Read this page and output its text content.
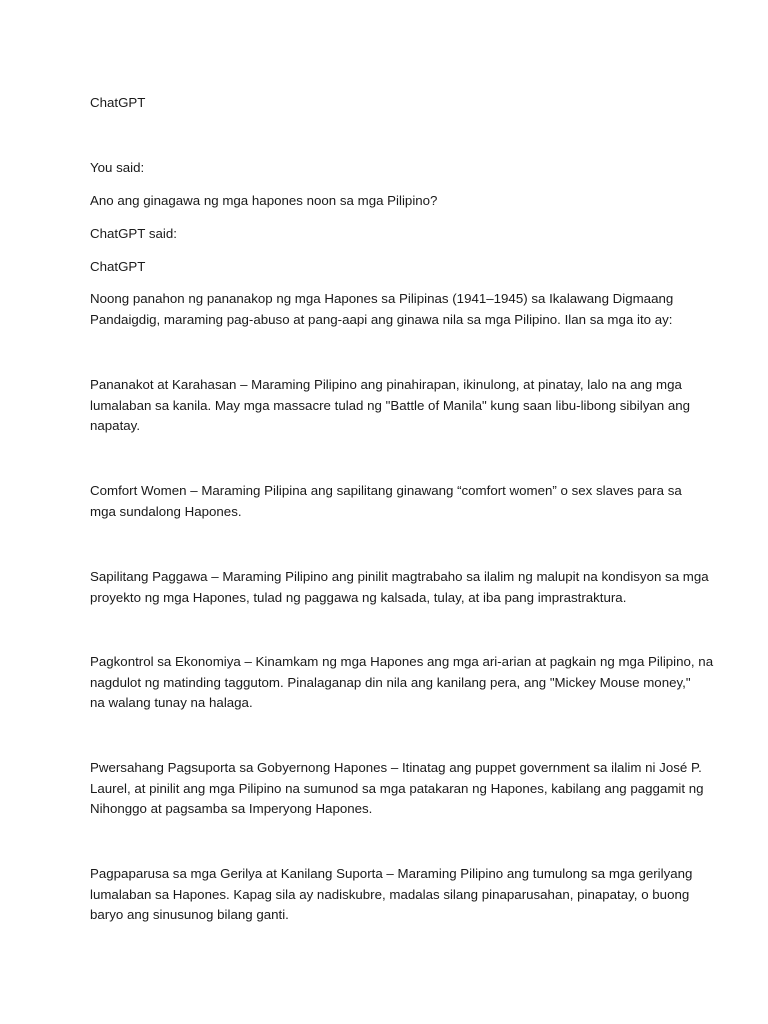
ChatGPT

You said:

Ano ang ginagawa ng mga hapones noon sa mga Pilipino?

ChatGPT said:

ChatGPT

Noong panahon ng pananakop ng mga Hapones sa Pilipinas (1941–1945) sa Ikalawang Digmaang
Pandaigdig, maraming pag-abuso at pang-aapi ang ginawa nila sa mga Pilipino. Ilan sa mga ito ay:
Pananakot at Karahasan – Maraming Pilipino ang pinahirapan, ikinulong, at pinatay, lalo na ang mga
lumalaban sa kanila. May mga massacre tulad ng "Battle of Manila" kung saan libu-libong sibilyan ang
napatay.
Comfort Women – Maraming Pilipina ang sapilitang ginawang “comfort women” o sex slaves para sa
mga sundalong Hapones.
Sapilitang Paggawa – Maraming Pilipino ang pinilit magtrabaho sa ilalim ng malupit na kondisyon sa mga
proyekto ng mga Hapones, tulad ng paggawa ng kalsada, tulay, at iba pang imprastraktura.
Pagkontrol sa Ekonomiya – Kinamkam ng mga Hapones ang mga ari-arian at pagkain ng mga Pilipino, na
nagdulot ng matinding taggutom. Pinalaganap din nila ang kanilang pera, ang "Mickey Mouse money,"
na walang tunay na halaga.
Pwersahang Pagsuporta sa Gobyernong Hapones – Itinatag ang puppet government sa ilalim ni José P.
Laurel, at pinilit ang mga Pilipino na sumunod sa mga patakaran ng Hapones, kabilang ang paggamit ng
Nihonggo at pagsamba sa Imperyong Hapones.
Pagpaparusa sa mga Gerilya at Kanilang Suporta – Maraming Pilipino ang tumulong sa mga gerilyang
lumalaban sa Hapones. Kapag sila ay nadiskubre, madalas silang pinaparusahan, pinapatay, o buong
baryo ang sinusunog bilang ganti.
